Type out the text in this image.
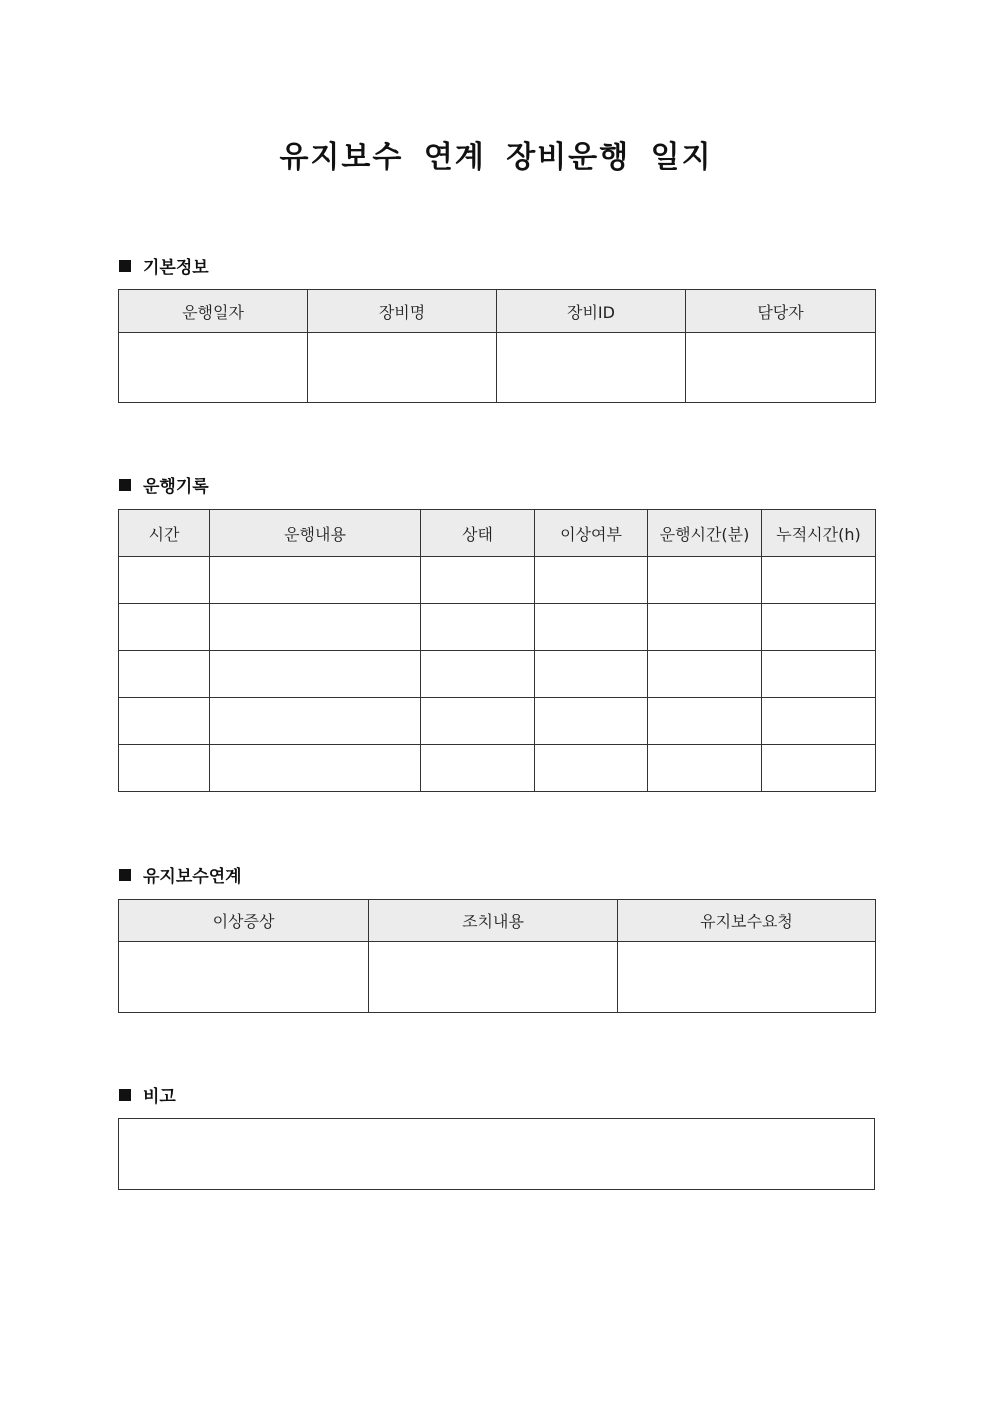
유지보수 연계 장비운행 일지
기본정보
운행일자	장비명	장비ID	담당자

운행기록
시간	운행내용	상태	이상여부	운행시간(분)	누적시간(h)

유지보수연계
이상증상	조치내용	유지보수요청

비고
